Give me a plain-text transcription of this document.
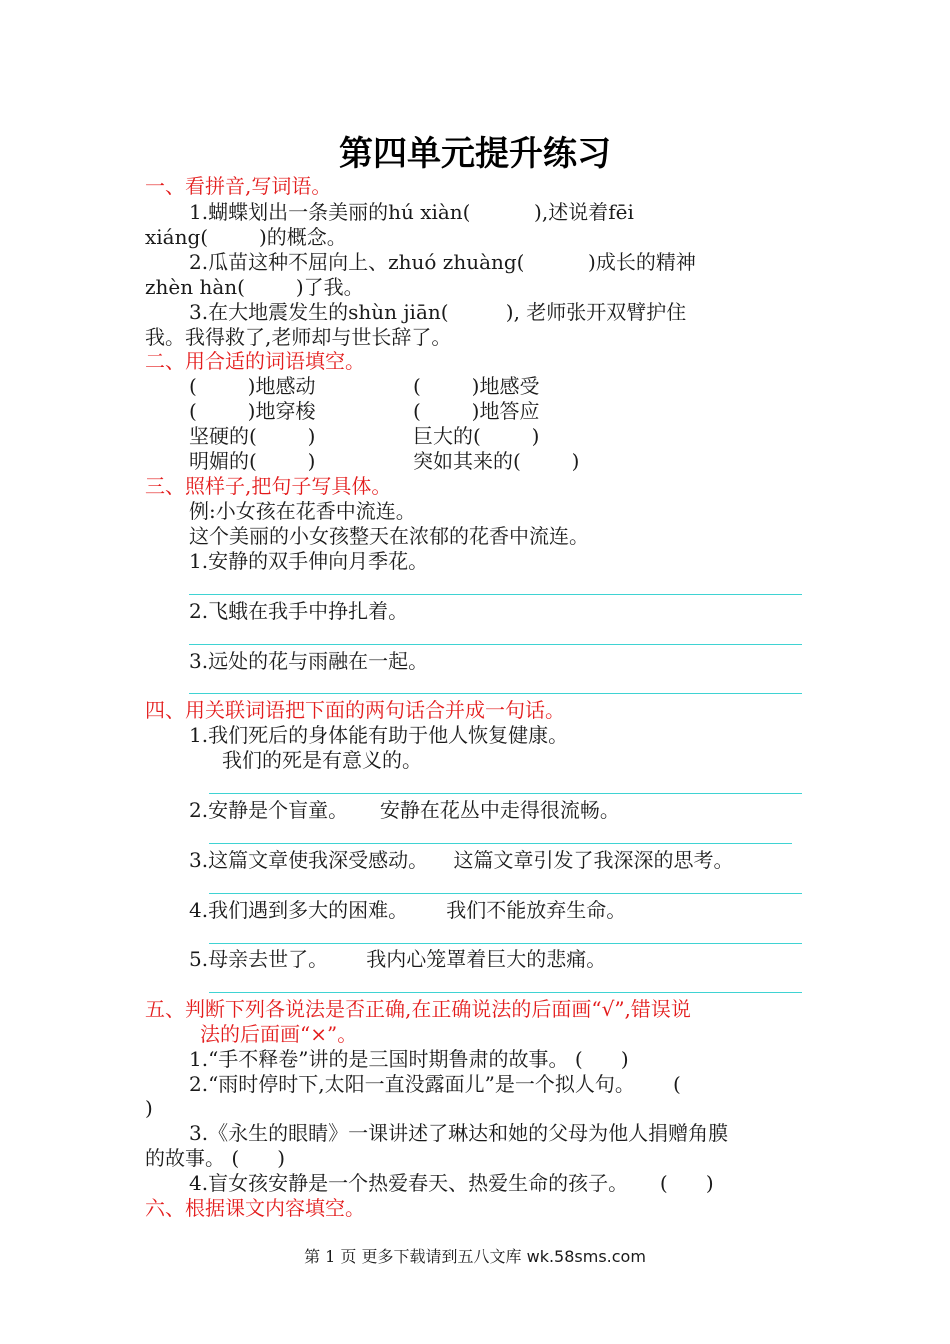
第四单元提升练习
一、看拼音,写词语。
1.蝴蝶划出一条美丽的hú xiàn(          ),述说着fēi
xiáng(        )的概念。
2.瓜苗这种不屈向上、zhuó zhuàng(          )成长的精神
zhèn hàn(        )了我。
3.在大地震发生的shùn jiān(         ), 老师张开双臂护住
我。我得救了,老师却与世长辞了。
二、用合适的词语填空。
(        )地感动	(        )地感受
(        )地穿梭	(        )地答应
坚硬的(        )	巨大的(        )
明媚的(        )	突如其来的(        )
三、照样子,把句子写具体。
例:小女孩在花香中流连。
这个美丽的小女孩整天在浓郁的花香中流连。
1.安静的双手伸向月季花。
2.飞蛾在我手中挣扎着。
3.远处的花与雨融在一起。
四、用关联词语把下面的两句话合并成一句话。
1.我们死后的身体能有助于他人恢复健康。
我们的死是有意义的。
2.安静是个盲童。     安静在花丛中走得很流畅。
3.这篇文章使我深受感动。    这篇文章引发了我深深的思考。
4.我们遇到多大的困难。      我们不能放弃生命。
5.母亲去世了。      我内心笼罩着巨大的悲痛。
五、判断下列各说法是否正确,在正确说法的后面画“√”,错误说
法的后面画“×”。
1.“手不释卷”讲的是三国时期鲁肃的故事。 (      )
2.“雨时停时下,太阳一直没露面儿”是一个拟人句。      (
)
3.《永生的眼睛》一课讲述了琳达和她的父母为他人捐赠角膜
的故事。 (      )
4.盲女孩安静是一个热爱春天、热爱生命的孩子。     (      )
六、根据课文内容填空。
第 1 页 更多下载请到五八文库 wk.58sms.com
